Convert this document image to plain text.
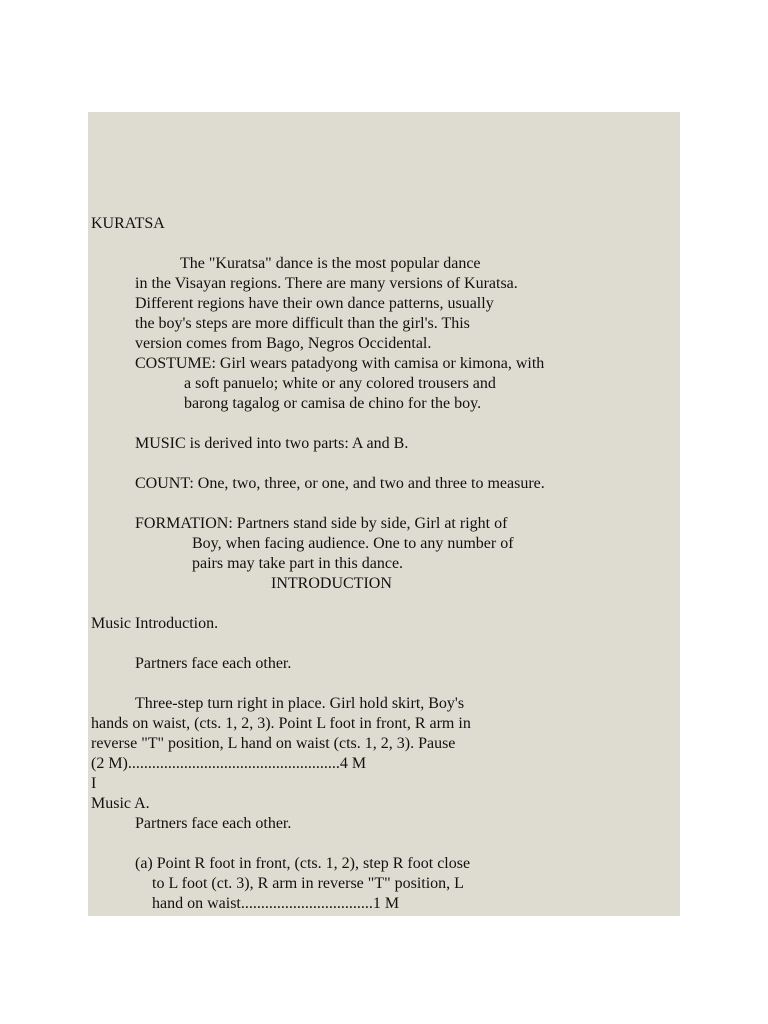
KURATSA
The "Kuratsa" dance is the most popular dance
in the Visayan regions. There are many versions of Kuratsa.
Different regions have their own dance patterns, usually
the boy's steps are more difficult than the girl's. This
version comes from Bago, Negros Occidental.
COSTUME: Girl wears patadyong with camisa or kimona, with
a soft panuelo; white or any colored trousers and
barong tagalog or camisa de chino for the boy.
MUSIC is derived into two parts: A and B.
COUNT: One, two, three, or one, and two and three to measure.
FORMATION: Partners stand side by side, Girl at right of
Boy, when facing audience. One to any number of
pairs may take part in this dance.
INTRODUCTION
Music Introduction.
Partners face each other.
Three-step turn right in place. Girl hold skirt, Boy's
hands on waist, (cts. 1, 2, 3). Point L foot in front, R arm in
reverse "T" position, L hand on waist (cts. 1, 2, 3). Pause
(2 M).....................................................4 M
I
Music A.
Partners face each other.
(a) Point R foot in front, (cts. 1, 2), step R foot close
to L foot (ct. 3), R arm in reverse "T" position, L
hand on waist.................................1 M
